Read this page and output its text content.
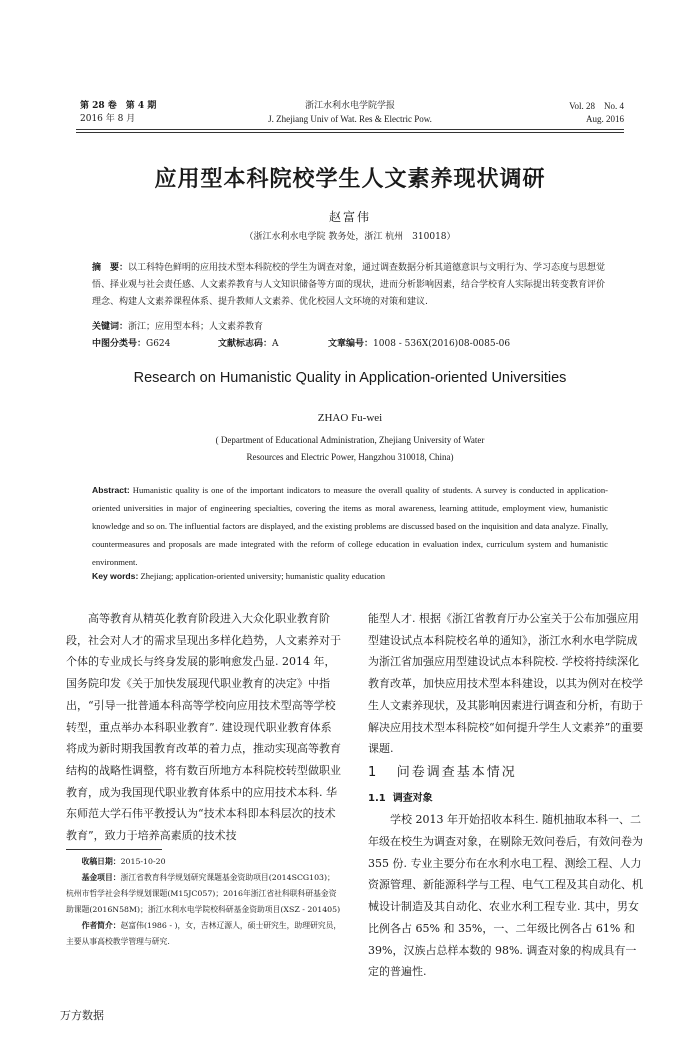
第 28 卷　第 4 期
2016 年 8 月
浙江水利水电学院学报
J. Zhejiang Univ of Wat. Res & Electric Pow.
Vol. 28　No. 4
Aug. 2016
应用型本科院校学生人文素养现状调研
赵富伟
（浙江水利水电学院 教务处，浙江 杭州　310018）
摘　要：以工科特色鲜明的应用技术型本科院校的学生为调查对象，通过调查数据分析其道德意识与文明行为、学习态度与思想觉悟、择业观与社会责任感、人文素养教育与人文知识储备等方面的现状，进而分析影响因素，结合学校育人实际提出转变教育评价理念、构建人文素养课程体系、提升教师人文素养、优化校园人文环境的对策和建议.
关键词：浙江；应用型本科；人文素养教育
中图分类号：G624	文献标志码：A	文章编号：1008 - 536X(2016)08-0085-06
Research on Humanistic Quality in Application-oriented Universities
ZHAO Fu-wei
( Department of Educational Administration, Zhejiang University of Water
Resources and Electric Power, Hangzhou 310018, China)
Abstract: Humanistic quality is one of the important indicators to measure the overall quality of students. A survey is conducted in application-oriented universities in major of engineering specialties, covering the items as moral awareness, learning attitude, employment view, humanistic knowledge and so on. The influential factors are displayed, and the existing problems are discussed based on the inquisition and data analyze. Finally, countermeasures and proposals are made integrated with the reform of college education in evaluation index, curriculum system and humanistic environment.
Key words: Zhejiang; application-oriented university; humanistic quality education

高等教育从精英化教育阶段进入大众化职业教育阶段，社会对人才的需求呈现出多样化趋势，人文素养对于个体的专业成长与终身发展的影响愈发凸显. 2014 年，国务院印发《关于加快发展现代职业教育的决定》中指出，“引导一批普通本科高等学校向应用技术型高等学校转型，重点举办本科职业教育”. 建设现代职业教育体系将成为新时期我国教育改革的着力点，推动实现高等教育结构的战略性调整，将有数百所地方本科院校转型做职业教育，成为我国现代职业教育体系中的应用技术本科. 华东师范大学石伟平教授认为“技术本科即本科层次的技术教育”，致力于培养高素质的技术技

能型人才. 根据《浙江省教育厅办公室关于公布加强应用型建设试点本科院校名单的通知》，浙江水利水电学院成为浙江省加强应用型建设试点本科院校. 学校将持续深化教育改革，加快应用技术型本科建设，以其为例对在校学生人文素养现状，及其影响因素进行调查和分析，有助于解决应用技术型本科院校“如何提升学生人文素养”的重要课题.

1 问卷调查基本情况
1.1 调查对象

学校 2013 年开始招收本科生. 随机抽取本科一、二年级在校生为调查对象，在剔除无效问卷后，有效问卷为 355 份. 专业主要分布在水利水电工程、测绘工程、人力资源管理、新能源科学与工程、电气工程及其自动化、机械设计制造及其自动化、农业水利工程专业. 其中，男女比例各占 65% 和 35%，一、二年级比例各占 61% 和 39%，汉族占总样本数的 98%. 调查对象的构成具有一定的普遍性.

收稿日期：2015-10-20

基金项目：浙江省教育科学规划研究课题基金资助项目(2014SCG103)；杭州市哲学社会科学规划课题(M15JC057)；2016年浙江省社科联科研基金资助课题(2016N58M)；浙江水利水电学院校科研基金资助项目(XSZ - 201405)

作者简介：赵富伟(1986 - )，女，吉林辽源人，硕士研究生，助理研究员，主要从事高校教学管理与研究.

万方数据
